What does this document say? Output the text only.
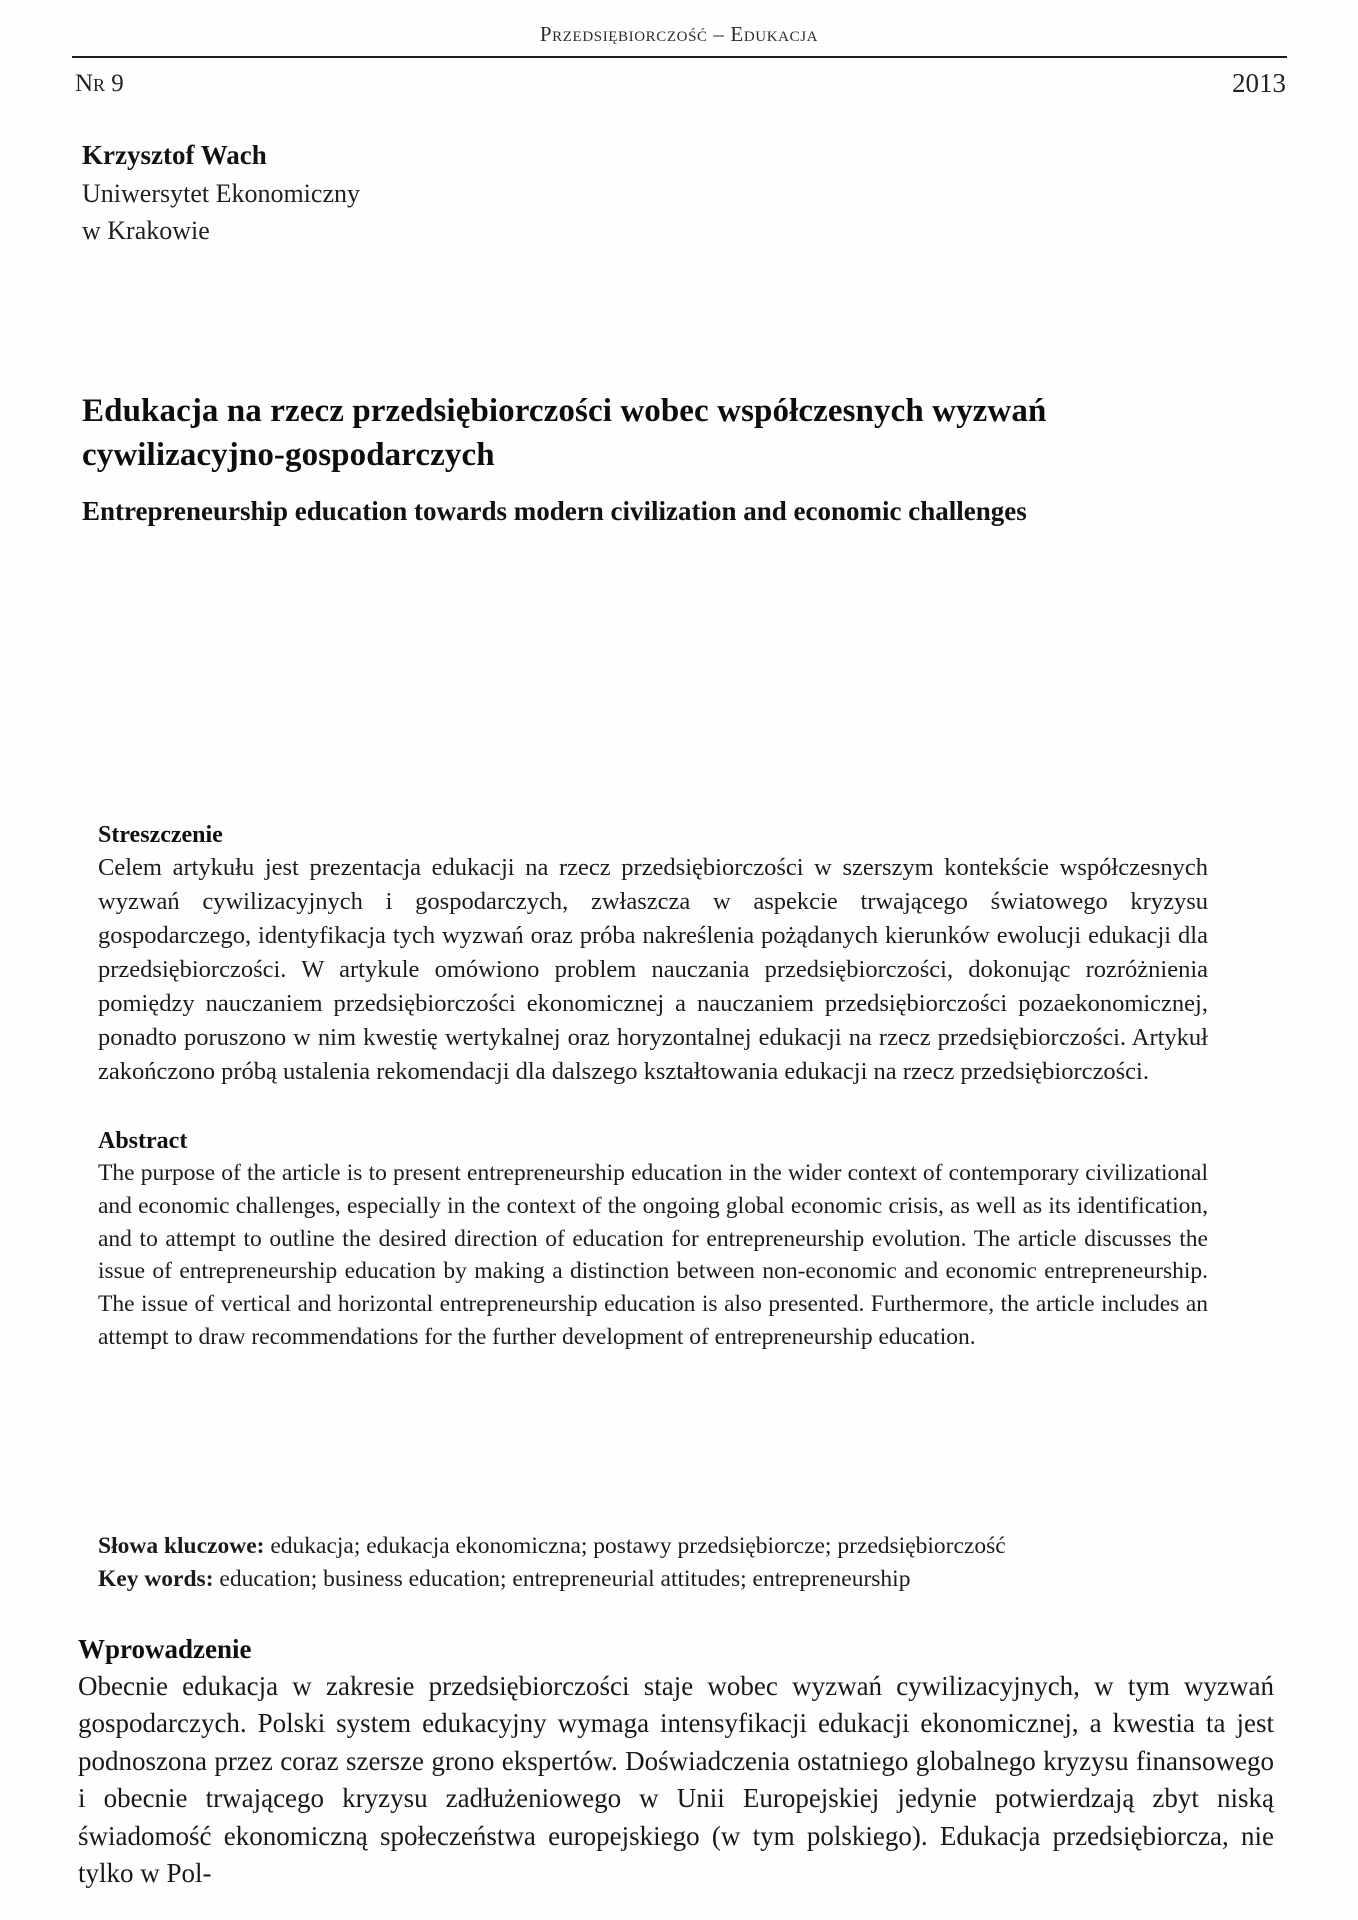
Przedsiębiorczość – Edukacja
Nr 9	2013

Krzysztof Wach

Uniwersytet Ekonomiczny

w Krakowie

Edukacja na rzecz przedsiębiorczości wobec współczesnych wyzwań cywilizacyjno-gospodarczych
Entrepreneurship education towards modern civilization and economic challenges

Streszczenie

Celem artykułu jest prezentacja edukacji na rzecz przedsiębiorczości w szerszym kontekście współczesnych wyzwań cywilizacyjnych i gospodarczych, zwłaszcza w aspekcie trwającego światowego kryzysu gospodarczego, identyfikacja tych wyzwań oraz próba nakreślenia pożądanych kierunków ewolucji edukacji dla przedsiębiorczości. W artykule omówiono problem nauczania przedsiębiorczości, dokonując rozróżnienia pomiędzy nauczaniem przedsiębiorczości ekonomicznej a nauczaniem przedsiębiorczości pozaekonomicznej, ponadto poruszono w nim kwestię wertykalnej oraz horyzontalnej edukacji na rzecz przedsiębiorczości. Artykuł zakończono próbą ustalenia rekomendacji dla dalszego kształtowania edukacji na rzecz przedsiębiorczości.

Abstract

The purpose of the article is to present entrepreneurship education in the wider context of contemporary civilizational and economic challenges, especially in the context of the ongoing global economic crisis, as well as its identification, and to attempt to outline the desired direction of education for entrepreneurship evolution. The article discusses the issue of entrepreneurship education by making a distinction between non-economic and economic entrepreneurship. The issue of vertical and horizontal entrepreneurship education is also presented. Furthermore, the article includes an attempt to draw recommendations for the further development of entrepreneurship education.

Słowa kluczowe: edukacja; edukacja ekonomiczna; postawy przedsiębiorcze; przedsiębiorczość
Key words: education; business education; entrepreneurial attitudes; entrepreneurship
Wprowadzenie

Obecnie edukacja w zakresie przedsiębiorczości staje wobec wyzwań cywilizacyjnych, w tym wyzwań gospodarczych. Polski system edukacyjny wymaga intensyfikacji edukacji ekonomicznej, a kwestia ta jest podnoszona przez coraz szersze grono ekspertów. Doświadczenia ostatniego globalnego kryzysu finansowego i obecnie trwającego kryzysu zadłużeniowego w Unii Europejskiej jedynie potwierdzają zbyt niską świadomość ekonomiczną społeczeństwa europejskiego (w tym polskiego). Edukacja przedsiębiorcza, nie tylko w Pol-
